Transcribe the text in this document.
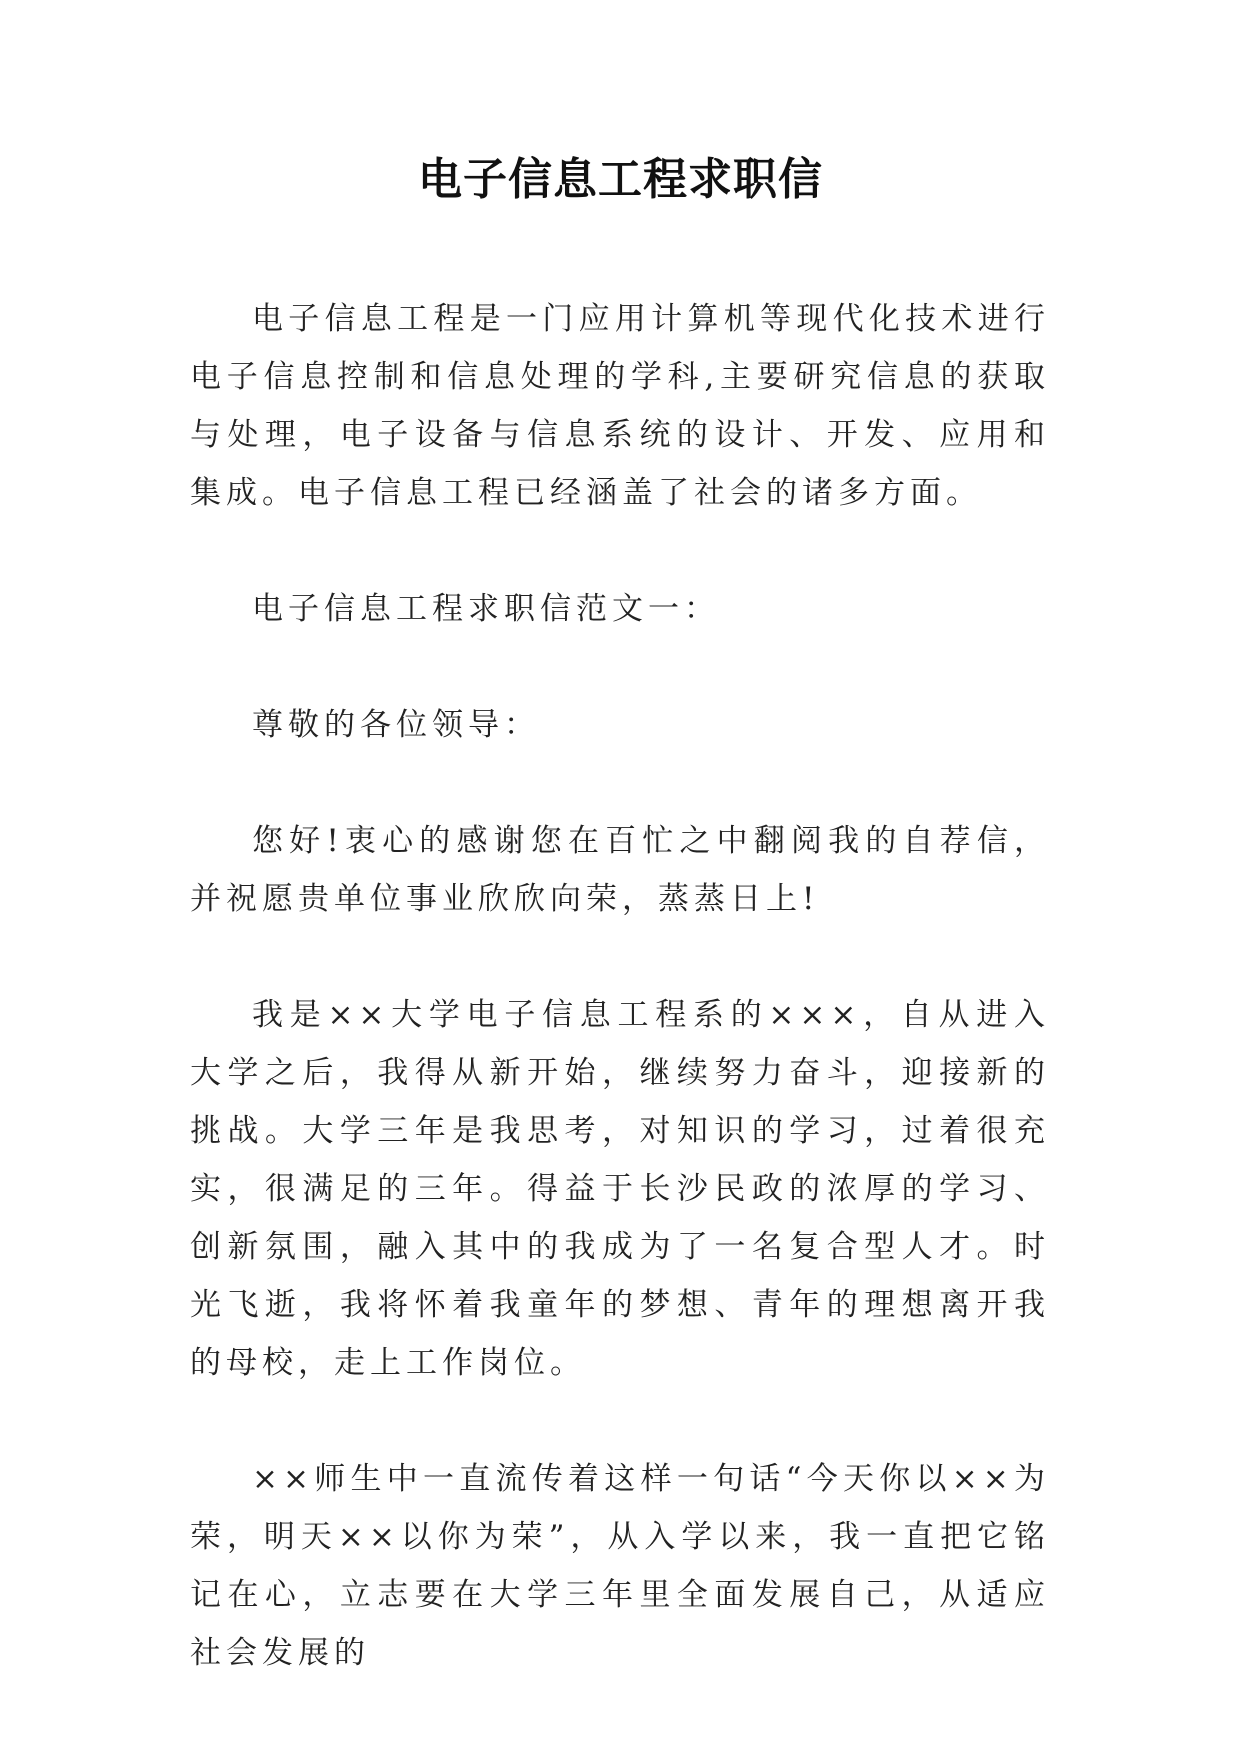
电子信息工程求职信

电子信息工程是一门应用计算机等现代化技术进行电子信息控制和信息处理的学科,主要研究信息的获取与处理，电子设备与信息系统的设计、开发、应用和集成。电子信息工程已经涵盖了社会的诸多方面。

电子信息工程求职信范文一：

尊敬的各位领导：

您好!衷心的感谢您在百忙之中翻阅我的自荐信，并祝愿贵单位事业欣欣向荣，蒸蒸日上!

我是××大学电子信息工程系的×××，自从进入大学之后，我得从新开始，继续努力奋斗，迎接新的挑战。大学三年是我思考，对知识的学习，过着很充实，很满足的三年。得益于长沙民政的浓厚的学习、创新氛围，融入其中的我成为了一名复合型人才。时光飞逝，我将怀着我童年的梦想、青年的理想离开我的母校，走上工作岗位。

××师生中一直流传着这样一句话“今天你以××为荣，明天××以你为荣”，从入学以来，我一直把它铭记在心，立志要在大学三年里全面发展自己，从适应社会发展的
